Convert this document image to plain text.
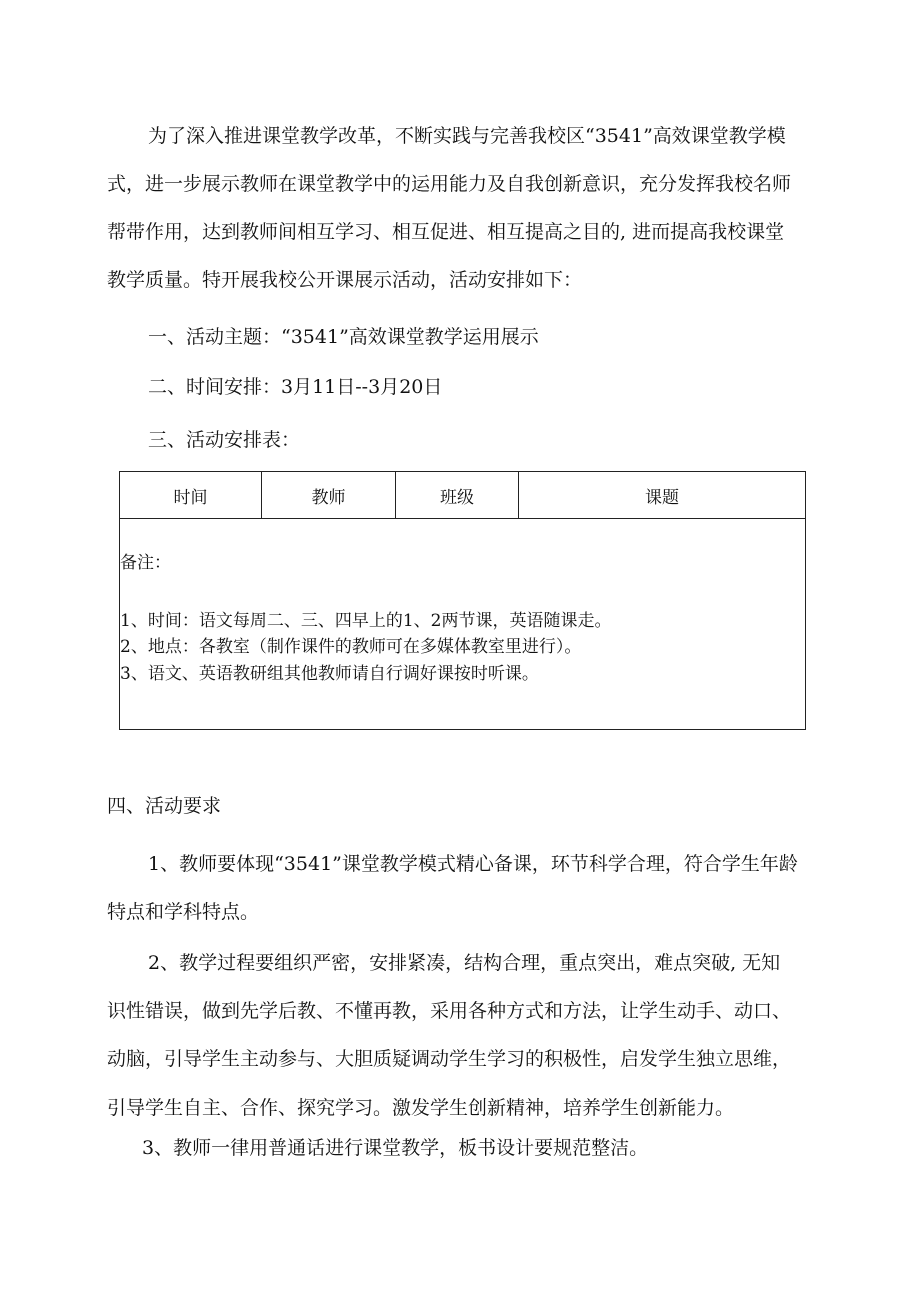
为了深入推进课堂教学改革，不断实践与完善我校区“3541”高效课堂教学模
式，进一步展示教师在课堂教学中的运用能力及自我创新意识，充分发挥我校名师
帮带作用，达到教师间相互学习、相互促进、相互提高之目的, 进而提高我校课堂
教学质量。特开展我校公开课展示活动，活动安排如下：
一、活动主题：“3541”高效课堂教学运用展示
二、时间安排：3月11日--3月20日
三、活动安排表：
时间	教师	班级	课题

备注：
1、时间：语文每周二、三、四早上的1、2两节课，英语随课走。
2、地点：各教室（制作课件的教师可在多媒体教室里进行）。
3、语文、英语教研组其他教师请自行调好课按时听课。
四、活动要求
1、教师要体现“3541”课堂教学模式精心备课，环节科学合理，符合学生年龄
特点和学科特点。
2、教学过程要组织严密，安排紧凑，结构合理，重点突出，难点突破, 无知
识性错误，做到先学后教、不懂再教，采用各种方式和方法，让学生动手、动口、
动脑，引导学生主动参与、大胆质疑调动学生学习的积极性，启发学生独立思维，
引导学生自主、合作、探究学习。激发学生创新精神，培养学生创新能力。
3、教师一律用普通话进行课堂教学，板书设计要规范整洁。
